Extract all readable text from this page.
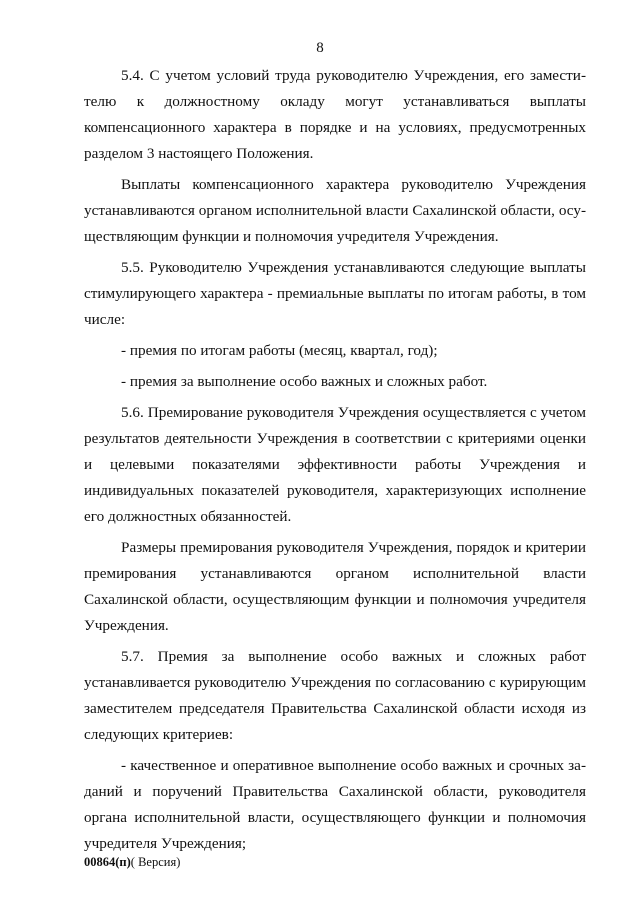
8

5.4. С учетом условий труда руководителю Учреждения, его заместителю к должностному окладу могут устанавливаться выплаты компенсационного характера в порядке и на условиях, предусмотренных разделом 3 настоящего Положения.

Выплаты компенсационного характера руководителю Учреждения устанавливаются органом исполнительной власти Сахалинской области, осуществляющим функции и полномочия учредителя Учреждения.

5.5. Руководителю Учреждения устанавливаются следующие выплаты стимулирующего характера - премиальные выплаты по итогам работы, в том числе:

- премия по итогам работы (месяц, квартал, год);

- премия за выполнение особо важных и сложных работ.

5.6. Премирование руководителя Учреждения осуществляется с учетом результатов деятельности Учреждения в соответствии с критериями оценки и целевыми показателями эффективности работы Учреждения и индивидуальных показателей руководителя, характеризующих исполнение его должностных обязанностей.

Размеры премирования руководителя Учреждения, порядок и критерии премирования устанавливаются органом исполнительной власти Сахалинской области, осуществляющим функции и полномочия учредителя Учреждения.

5.7. Премия за выполнение особо важных и сложных работ устанавливается руководителю Учреждения по согласованию с курирующим заместителем председателя Правительства Сахалинской области исходя из следующих критериев:

- качественное и оперативное выполнение особо важных и срочных заданий и поручений Правительства Сахалинской области, руководителя органа исполнительной власти, осуществляющего функции и полномочия учредителя Учреждения;

00864(п)( Версия)
